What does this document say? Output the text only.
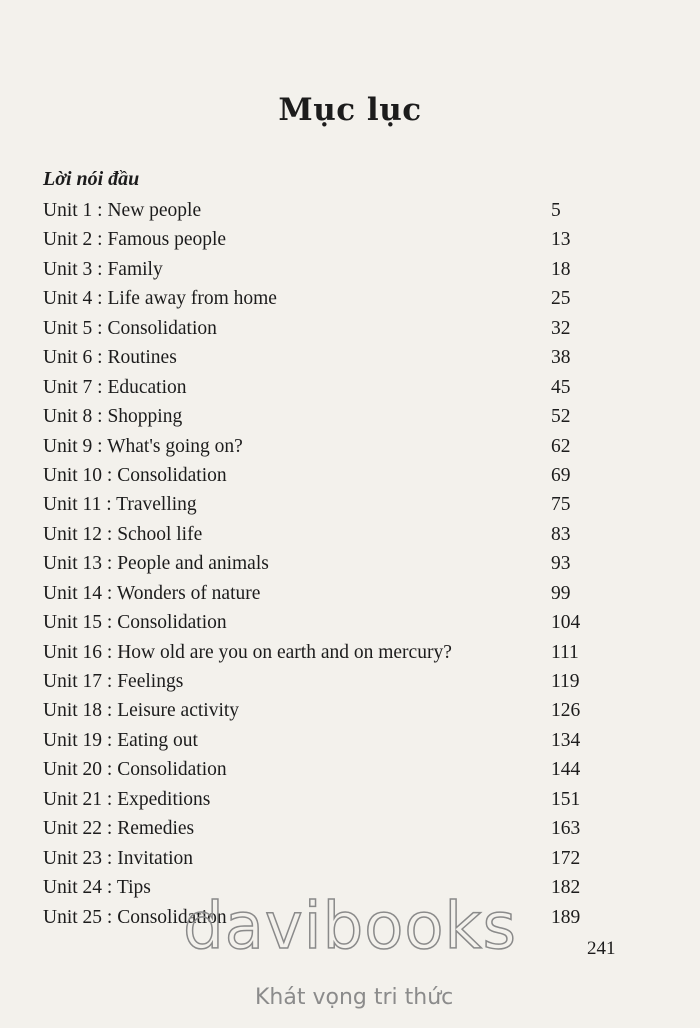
Mục lục
Lời nói đầu
Unit 1 : New people	5
Unit 2 : Famous people	13
Unit 3 : Family	18
Unit 4 : Life away from home	25
Unit 5 : Consolidation	32
Unit 6 : Routines	38
Unit 7 : Education	45
Unit 8 : Shopping	52
Unit 9 : What's going on?	62
Unit 10 : Consolidation	69
Unit 11 : Travelling	75
Unit 12 : School life	83
Unit 13 : People and animals	93
Unit 14 : Wonders of nature	99
Unit 15 : Consolidation	104
Unit 16 : How old are you on earth and on mercury?	111
Unit 17 : Feelings	119
Unit 18 : Leisure activity	126
Unit 19 : Eating out	134
Unit 20 : Consolidation	144
Unit 21 : Expeditions	151
Unit 22 : Remedies	163
Unit 23 : Invitation	172
Unit 24 : Tips	182
Unit 25 : Consolidation	189
davibooks	241
Khát vọng tri thức
